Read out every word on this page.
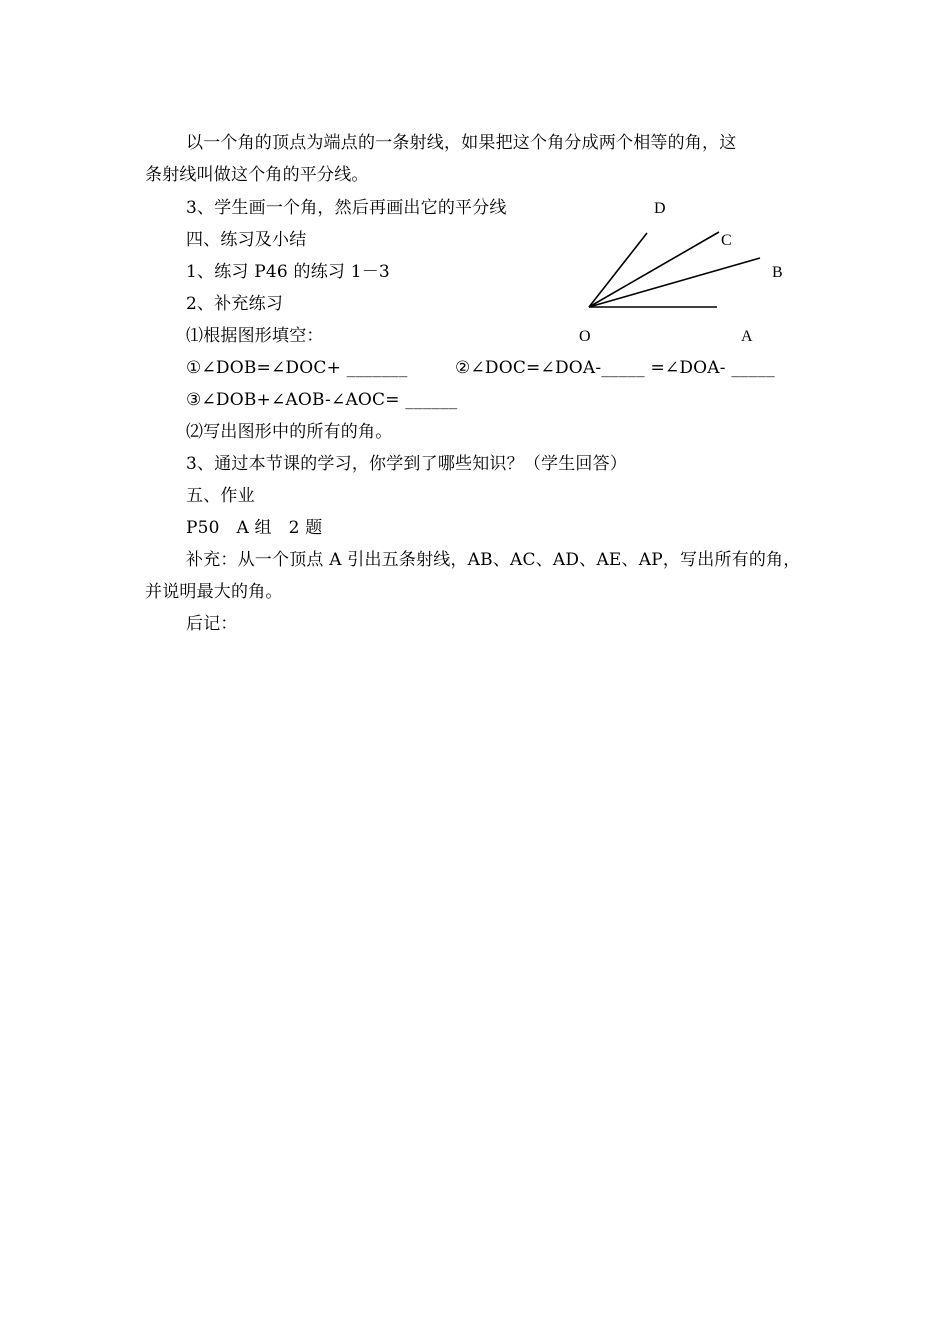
以一个角的顶点为端点的一条射线，如果把这个角分成两个相等的角，这
条射线叫做这个角的平分线。
3、学生画一个角，然后再画出它的平分线
四、练习及小结
1、练习 P46 的练习 1－3
2、补充练习
⑴根据图形填空：
①∠DOB=∠DOC+ _______	②∠DOC=∠DOA-_____ =∠DOA- _____
③∠DOB+∠AOB-∠AOC= ______
⑵写出图形中的所有的角。
3、通过本节课的学习，你学到了哪些知识？（学生回答）
五、作业
P50   A 组   2 题
补充：从一个顶点 A 引出五条射线，AB、AC、AD、AE、AP，写出所有的角，
并说明最大的角。
后记：
D
C
B
O	A
